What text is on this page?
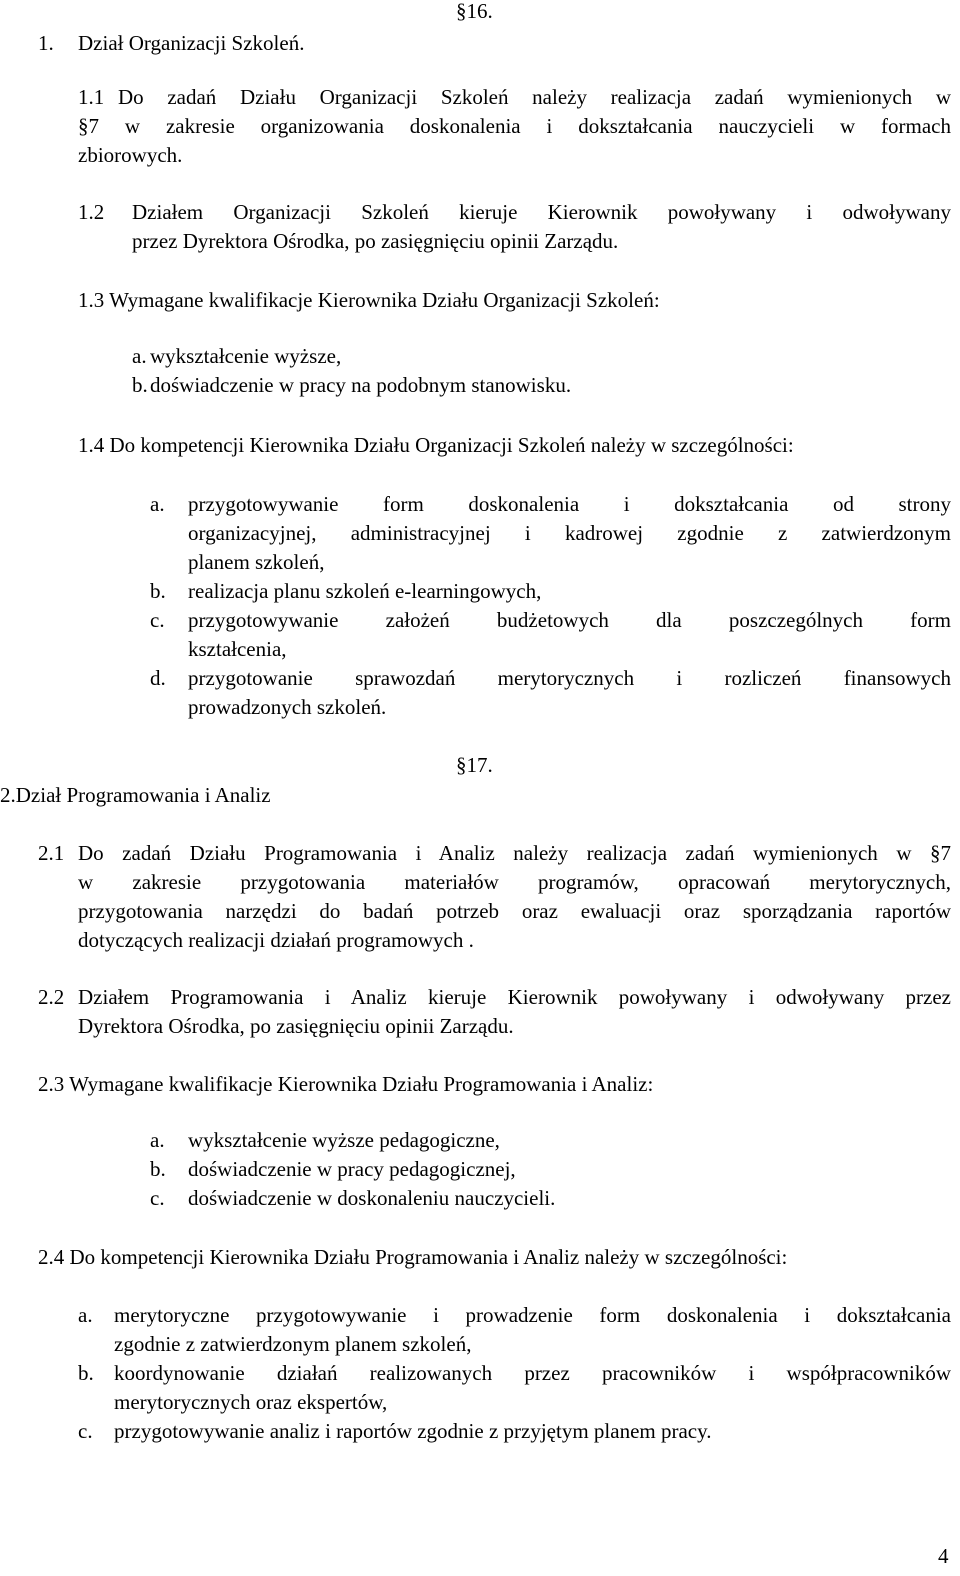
§16.
1. Dział Organizacji Szkoleń.
1.1 Do zadań Działu Organizacji Szkoleń należy realizacja zadań wymienionych w
§7 w zakresie organizowania doskonalenia i dokształcania nauczycieli w formach
zbiorowych.
1.2 Działem Organizacji Szkoleń kieruje Kierownik powoływany i odwoływany
przez Dyrektora Ośrodka, po zasięgnięciu opinii Zarządu.
1.3 Wymagane kwalifikacje Kierownika Działu Organizacji Szkoleń:
a. wykształcenie wyższe,
b. doświadczenie w pracy na podobnym stanowisku.
1.4 Do kompetencji Kierownika Działu Organizacji Szkoleń należy w szczególności:
a. przygotowywanie form doskonalenia i dokształcania od strony
organizacyjnej, administracyjnej i kadrowej zgodnie z zatwierdzonym
planem szkoleń,
b. realizacja planu szkoleń e-learningowych,
c. przygotowywanie założeń budżetowych dla poszczególnych form
kształcenia,
d. przygotowanie sprawozdań merytorycznych i rozliczeń finansowych
prowadzonych szkoleń.
§17.
2.Dział Programowania i Analiz
2.1 Do zadań Działu Programowania i Analiz należy realizacja zadań wymienionych w §7
w zakresie przygotowania materiałów programów, opracowań merytorycznych,
przygotowania narzędzi do badań potrzeb oraz ewaluacji oraz sporządzania raportów
dotyczących realizacji działań programowych .
2.2 Działem Programowania i Analiz kieruje Kierownik powoływany i odwoływany przez
Dyrektora Ośrodka, po zasięgnięciu opinii Zarządu.
2.3 Wymagane kwalifikacje Kierownika Działu Programowania i Analiz:
a. wykształcenie wyższe pedagogiczne,
b. doświadczenie w pracy pedagogicznej,
c. doświadczenie w doskonaleniu nauczycieli.
2.4 Do kompetencji Kierownika Działu Programowania i Analiz należy w szczególności:
a. merytoryczne przygotowywanie i prowadzenie form doskonalenia i dokształcania
zgodnie z zatwierdzonym planem szkoleń,
b. koordynowanie działań realizowanych przez pracowników i współpracowników
merytorycznych oraz ekspertów,
c. przygotowywanie analiz i raportów zgodnie z przyjętym planem pracy.
4
